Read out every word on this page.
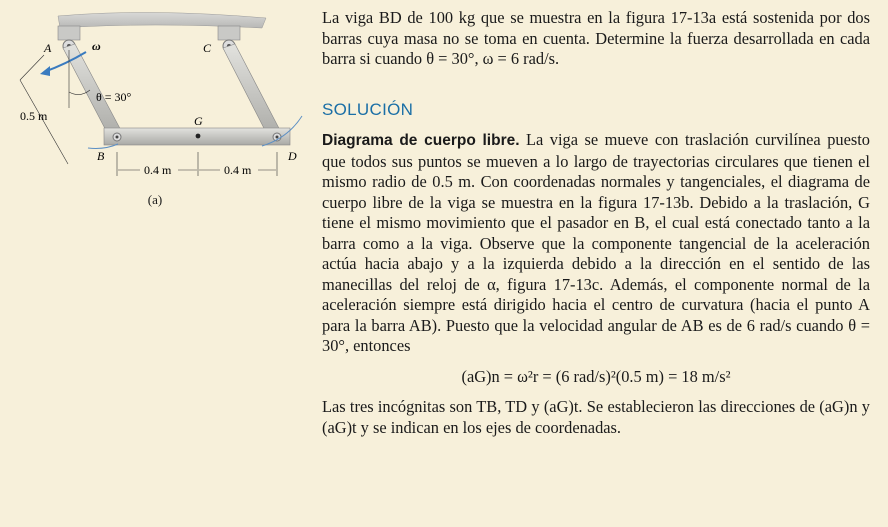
A	C
B	D
G
ω
θ = 30°
0.5 m
0.4 m	0.4 m
(a)

La viga BD de 100 kg que se muestra en la figura 17-13a está sostenida por dos barras cuya masa no se toma en cuenta. Determine la fuerza desarrollada en cada barra si cuando θ = 30°, ω = 6 rad/s.

SOLUCIÓN

Diagrama de cuerpo libre. La viga se mueve con traslación curvilínea puesto que todos sus puntos se mueven a lo largo de trayectorias circulares que tienen el mismo radio de 0.5 m. Con coordenadas normales y tangenciales, el diagrama de cuerpo libre de la viga se muestra en la figura 17-13b. Debido a la traslación, G tiene el mismo movimiento que el pasador en B, el cual está conectado tanto a la barra como a la viga. Observe que la componente tangencial de la aceleración actúa hacia abajo y a la izquierda debido a la dirección en el sentido de las manecillas del reloj de α, figura 17-13c. Además, el componente normal de la aceleración siempre está dirigido hacia el centro de curvatura (hacia el punto A para la barra AB). Puesto que la velocidad angular de AB es de 6 rad/s cuando θ = 30°, entonces

(aG)n = ω²r = (6 rad/s)²(0.5 m) = 18 m/s²

Las tres incógnitas son TB, TD y (aG)t. Se establecieron las direcciones de (aG)n y (aG)t y se indican en los ejes de coordenadas.
